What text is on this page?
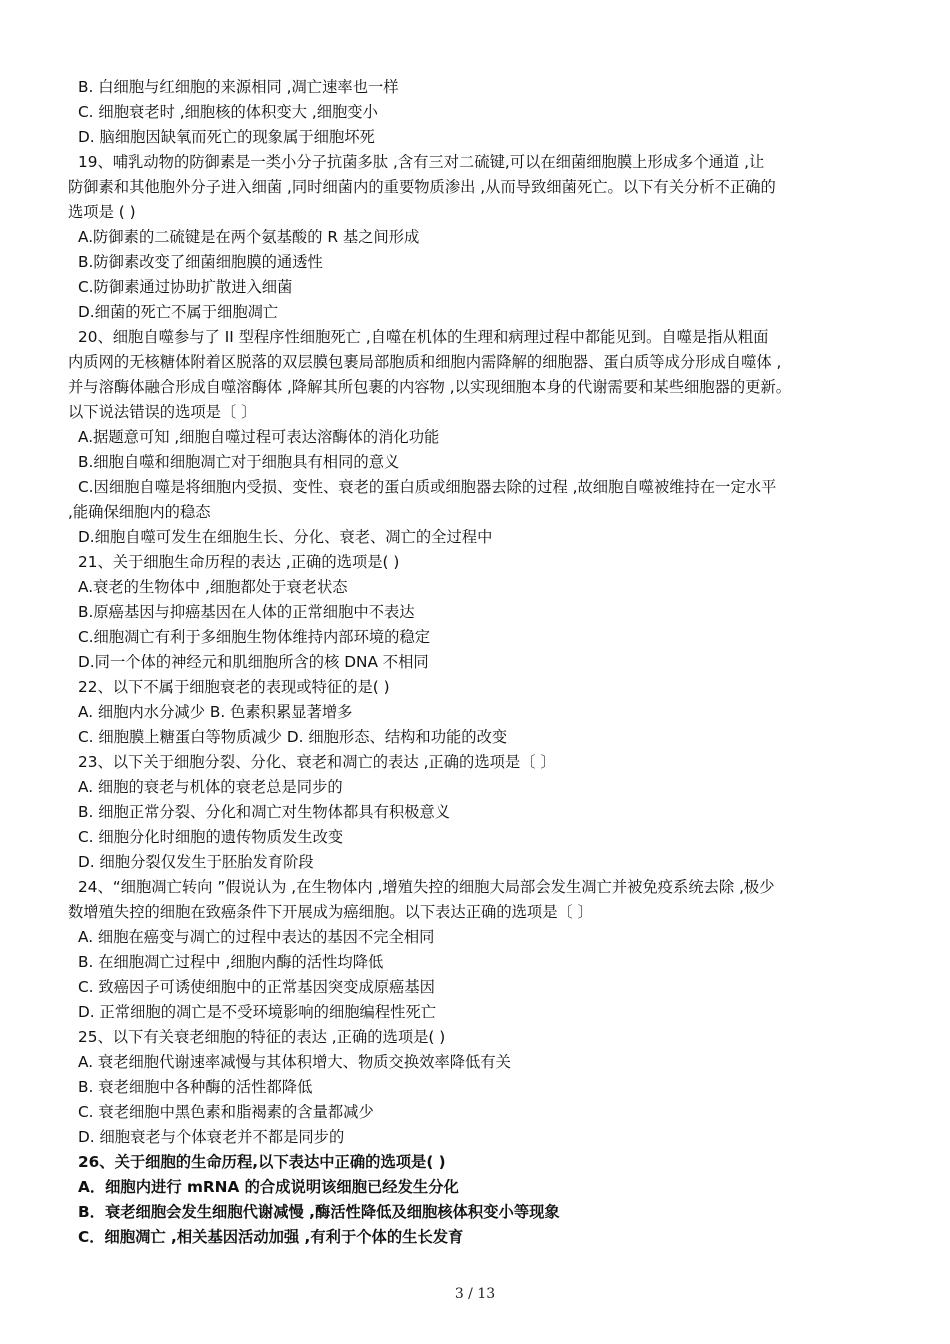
B. 白细胞与红细胞的来源相同 ,凋亡速率也一样
C. 细胞衰老时 ,细胞核的体积变大 ,细胞变小
D. 脑细胞因缺氧而死亡的现象属于细胞坏死
19、哺乳动物的防御素是一类小分子抗菌多肽 ,含有三对二硫键,可以在细菌细胞膜上形成多个通道 ,让
防御素和其他胞外分子进入细菌 ,同时细菌内的重要物质渗出 ,从而导致细菌死亡。以下有关分析不正确的
选项是 ( )
A.防御素的二硫键是在两个氨基酸的 R 基之间形成
B.防御素改变了细菌细胞膜的通透性
C.防御素通过协助扩散进入细菌
D.细菌的死亡不属于细胞凋亡
20、细胞自噬参与了 II 型程序性细胞死亡 ,自噬在机体的生理和病理过程中都能见到。自噬是指从粗面
内质网的无核糖体附着区脱落的双层膜包裹局部胞质和细胞内需降解的细胞器、蛋白质等成分形成自噬体 ,
并与溶酶体融合形成自噬溶酶体 ,降解其所包裹的内容物 ,以实现细胞本身的代谢需要和某些细胞器的更新。
以下说法错误的选项是〔 〕
A.据题意可知 ,细胞自噬过程可表达溶酶体的消化功能
B.细胞自噬和细胞凋亡对于细胞具有相同的意义
C.因细胞自噬是将细胞内受损、变性、衰老的蛋白质或细胞器去除的过程 ,故细胞自噬被维持在一定水平
,能确保细胞内的稳态
D.细胞自噬可发生在细胞生长、分化、衰老、凋亡的全过程中
21、关于细胞生命历程的表达 ,正确的选项是( )
A.衰老的生物体中 ,细胞都处于衰老状态
B.原癌基因与抑癌基因在人体的正常细胞中不表达
C.细胞凋亡有利于多细胞生物体维持内部环境的稳定
D.同一个体的神经元和肌细胞所含的核 DNA 不相同
22、以下不属于细胞衰老的表现或特征的是( )
A. 细胞内水分减少 B. 色素积累显著增多
C. 细胞膜上糖蛋白等物质减少 D. 细胞形态、结构和功能的改变
23、以下关于细胞分裂、分化、衰老和凋亡的表达 ,正确的选项是〔 〕
A. 细胞的衰老与机体的衰老总是同步的
B. 细胞正常分裂、分化和凋亡对生物体都具有积极意义
C. 细胞分化时细胞的遗传物质发生改变
D. 细胞分裂仅发生于胚胎发育阶段
24、“细胞凋亡转向 ”假说认为 ,在生物体内 ,增殖失控的细胞大局部会发生凋亡并被免疫系统去除 ,极少
数增殖失控的细胞在致癌条件下开展成为癌细胞。以下表达正确的选项是〔 〕
A. 细胞在癌变与凋亡的过程中表达的基因不完全相同
B. 在细胞凋亡过程中 ,细胞内酶的活性均降低
C. 致癌因子可诱使细胞中的正常基因突变成原癌基因
D. 正常细胞的凋亡是不受环境影响的细胞编程性死亡
25、以下有关衰老细胞的特征的表达 ,正确的选项是( )
A. 衰老细胞代谢速率减慢与其体积增大、物质交换效率降低有关
B. 衰老细胞中各种酶的活性都降低
C. 衰老细胞中黑色素和脂褐素的含量都减少
D. 细胞衰老与个体衰老并不都是同步的
26、关于细胞的生命历程,以下表达中正确的选项是( )
A．细胞内进行 mRNA 的合成说明该细胞已经发生分化
B．衰老细胞会发生细胞代谢减慢 ,酶活性降低及细胞核体积变小等现象
C．细胞凋亡 ,相关基因活动加强 ,有利于个体的生长发育
3 / 13
